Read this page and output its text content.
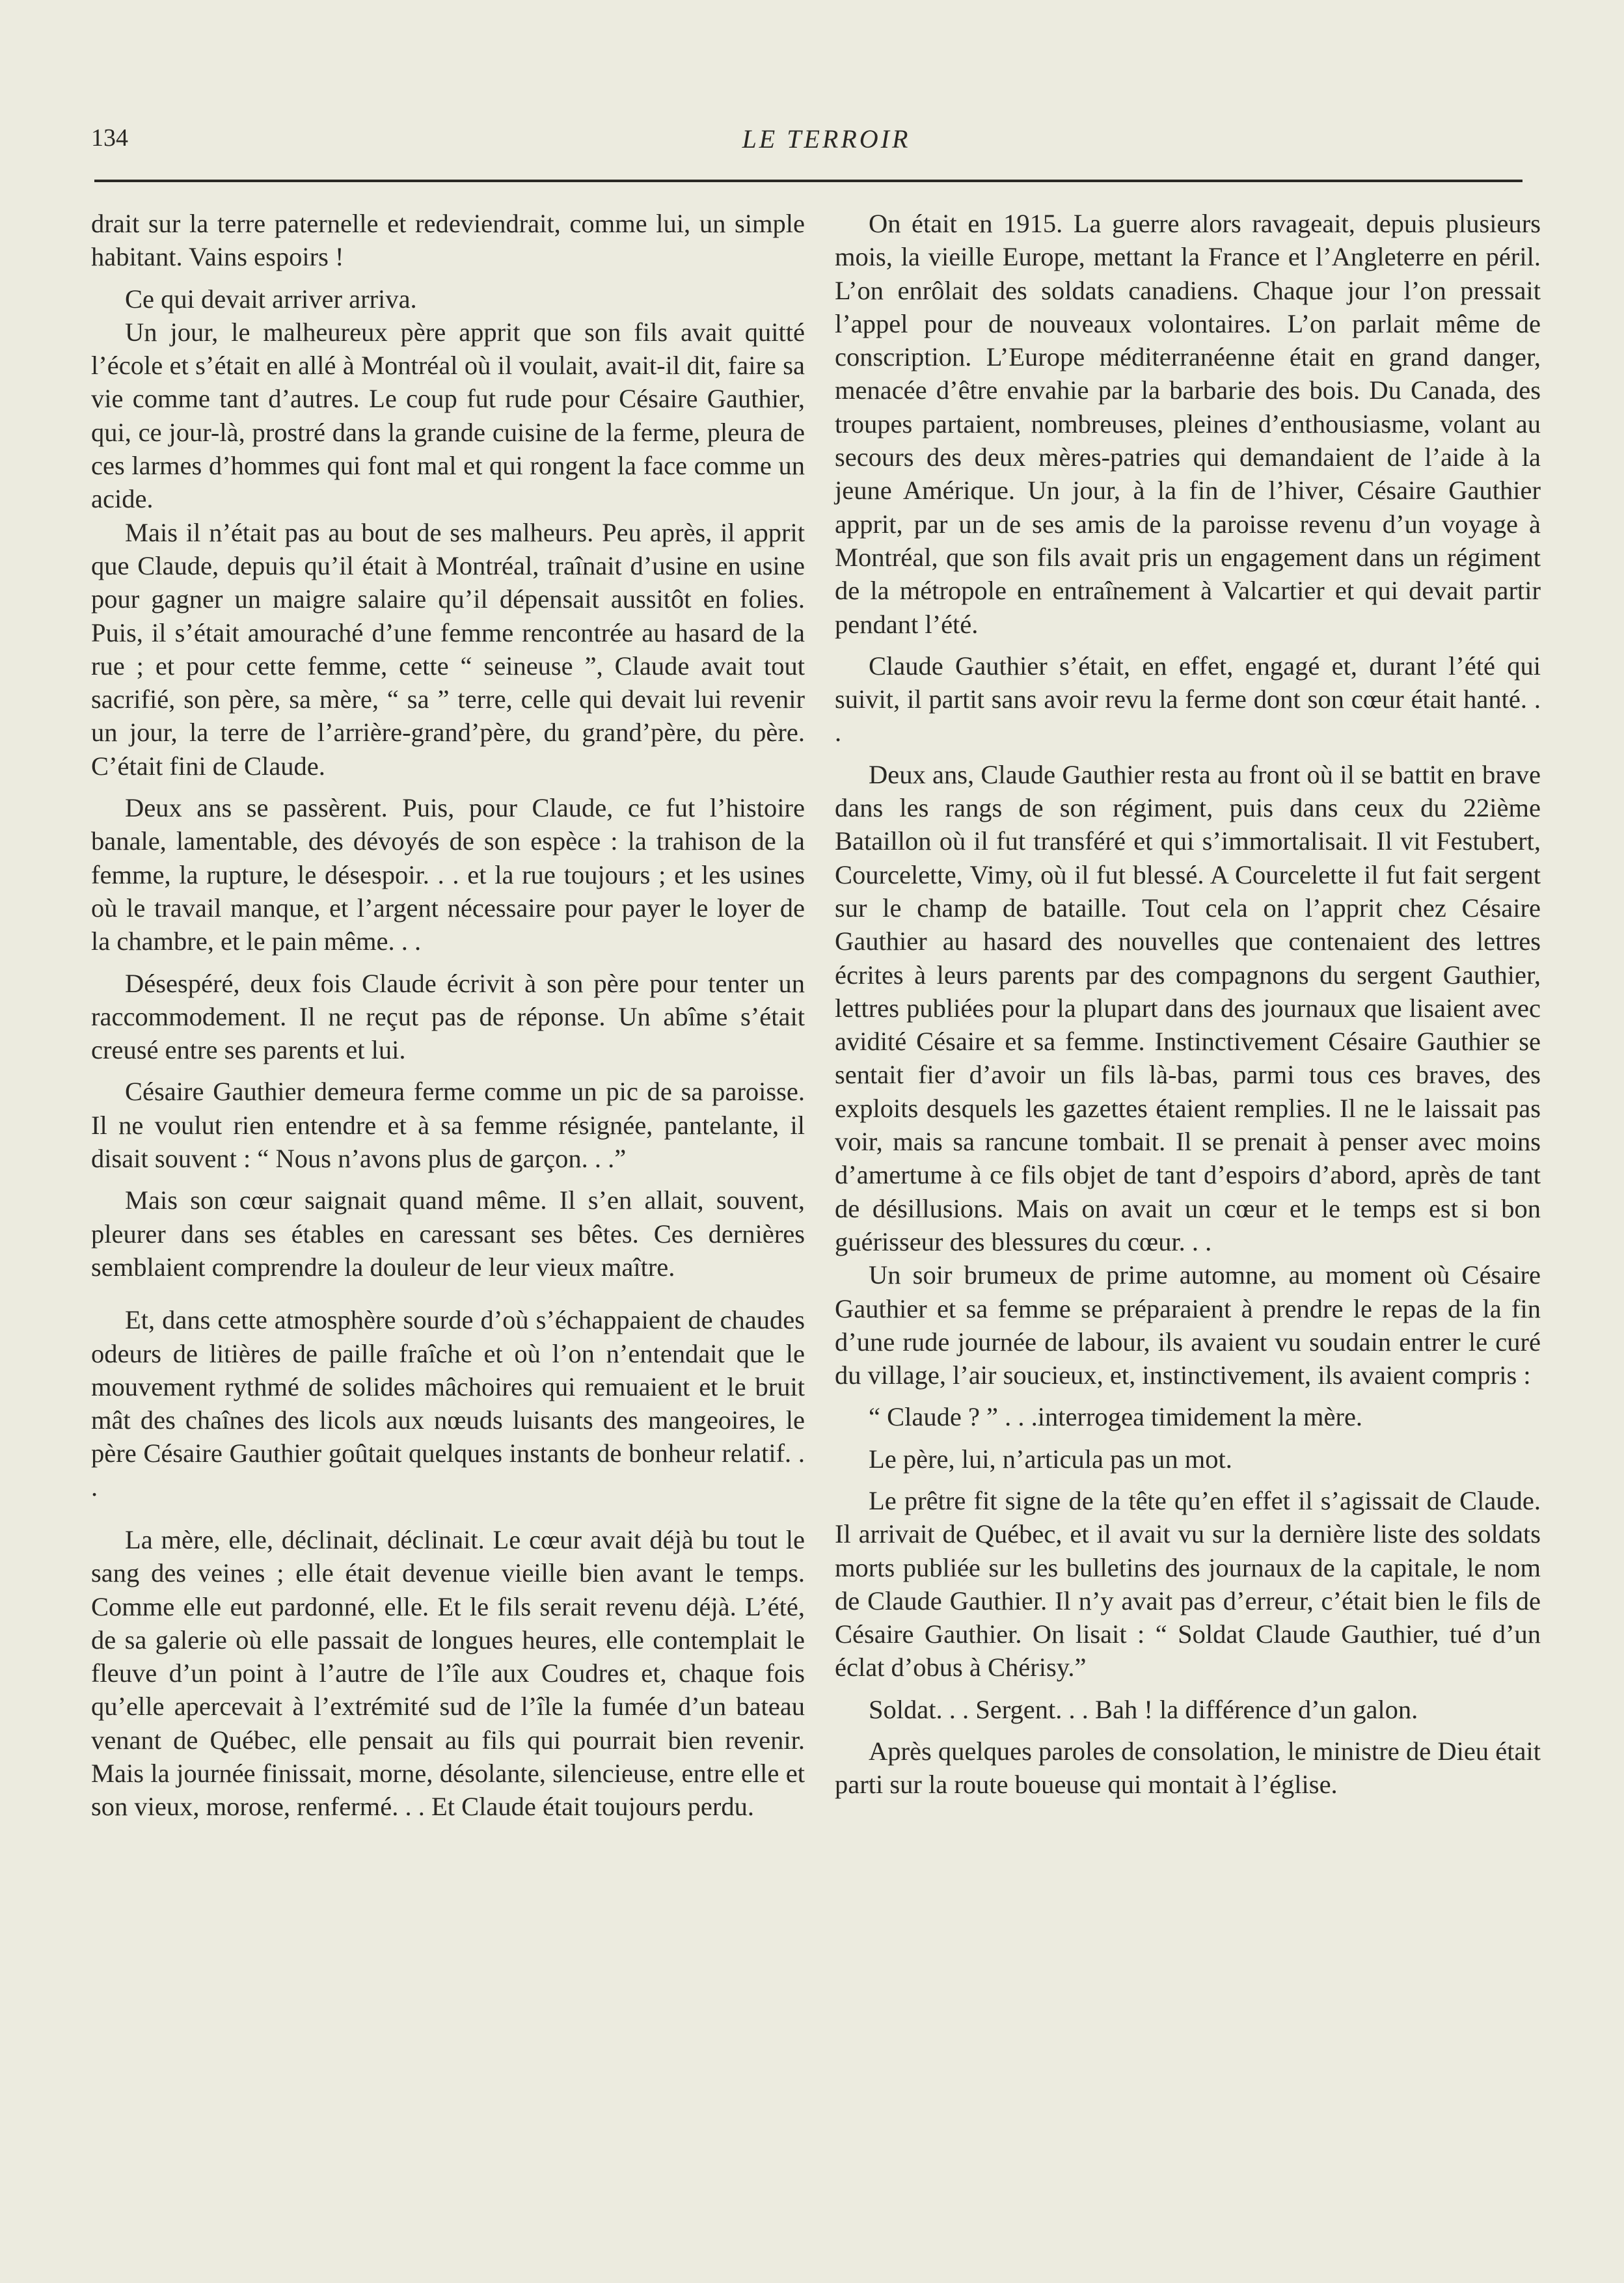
134	LE TERROIR

drait sur la terre paternelle et redeviendrait, comme lui, un simple habitant. Vains espoirs !

Ce qui devait arriver arriva.

Un jour, le malheureux père apprit que son fils avait quitté l’école et s’était en allé à Montréal où il voulait, avait-il dit, faire sa vie comme tant d’autres. Le coup fut rude pour Césaire Gauthier, qui, ce jour-là, prostré dans la grande cuisine de la ferme, pleura de ces larmes d’hommes qui font mal et qui rongent la face comme un acide.

Mais il n’était pas au bout de ses malheurs. Peu après, il apprit que Claude, depuis qu’il était à Montréal, traînait d’usine en usine pour gagner un maigre salaire qu’il dépensait aussitôt en folies. Puis, il s’était amouraché d’une femme rencontrée au hasard de la rue ; et pour cette femme, cette “ seineuse ”, Claude avait tout sacrifié, son père, sa mère, “ sa ” terre, celle qui devait lui revenir un jour, la terre de l’arrière-grand’père, du grand’père, du père. C’était fini de Claude.

Deux ans se passèrent. Puis, pour Claude, ce fut l’histoire banale, lamentable, des dévoyés de son espèce : la trahison de la femme, la rupture, le désespoir. . . et la rue toujours ; et les usines où le travail manque, et l’argent nécessaire pour payer le loyer de la chambre, et le pain même. . .

Désespéré, deux fois Claude écrivit à son père pour tenter un raccommodement. Il ne reçut pas de réponse. Un abîme s’était creusé entre ses parents et lui.

Césaire Gauthier demeura ferme comme un pic de sa paroisse. Il ne voulut rien entendre et à sa femme résignée, pantelante, il disait souvent : “ Nous n’avons plus de garçon. . .”

Mais son cœur saignait quand même. Il s’en allait, souvent, pleurer dans ses étables en caressant ses bêtes. Ces dernières semblaient comprendre la douleur de leur vieux maître.

Et, dans cette atmosphère sourde d’où s’échappaient de chaudes odeurs de litières de paille fraîche et où l’on n’entendait que le mouvement rythmé de solides mâchoires qui remuaient et le bruit mât des chaînes des licols aux nœuds luisants des mangeoires, le père Césaire Gauthier goûtait quelques instants de bonheur relatif. . .

La mère, elle, déclinait, déclinait. Le cœur avait déjà bu tout le sang des veines ; elle était devenue vieille bien avant le temps. Comme elle eut pardonné, elle. Et le fils serait revenu déjà. L’été, de sa galerie où elle passait de longues heures, elle contemplait le fleuve d’un point à l’autre de l’île aux Coudres et, chaque fois qu’elle apercevait à l’extrémité sud de l’île la fumée d’un bateau venant de Québec, elle pensait au fils qui pourrait bien revenir. Mais la journée finissait, morne, désolante, silencieuse, entre elle et son vieux, morose, renfermé. . . Et Claude était toujours perdu.

On était en 1915. La guerre alors ravageait, depuis plusieurs mois, la vieille Europe, mettant la France et l’Angleterre en péril. L’on enrôlait des soldats canadiens. Chaque jour l’on pressait l’appel pour de nouveaux volontaires. L’on parlait même de conscription. L’Europe méditerranéenne était en grand danger, menacée d’être envahie par la barbarie des bois. Du Canada, des troupes partaient, nombreuses, pleines d’enthousiasme, volant au secours des deux mères-patries qui demandaient de l’aide à la jeune Amérique. Un jour, à la fin de l’hiver, Césaire Gauthier apprit, par un de ses amis de la paroisse revenu d’un voyage à Montréal, que son fils avait pris un engagement dans un régiment de la métropole en entraînement à Valcartier et qui devait partir pendant l’été.

Claude Gauthier s’était, en effet, engagé et, durant l’été qui suivit, il partit sans avoir revu la ferme dont son cœur était hanté. . .

Deux ans, Claude Gauthier resta au front où il se battit en brave dans les rangs de son régiment, puis dans ceux du 22ième Bataillon où il fut transféré et qui s’immortalisait. Il vit Festubert, Courcelette, Vimy, où il fut blessé. A Courcelette il fut fait sergent sur le champ de bataille. Tout cela on l’apprit chez Césaire Gauthier au hasard des nouvelles que contenaient des lettres écrites à leurs parents par des compagnons du sergent Gauthier, lettres publiées pour la plupart dans des journaux que lisaient avec avidité Césaire et sa femme. Instinctivement Césaire Gauthier se sentait fier d’avoir un fils là-bas, parmi tous ces braves, des exploits desquels les gazettes étaient remplies. Il ne le laissait pas voir, mais sa rancune tombait. Il se prenait à penser avec moins d’amertume à ce fils objet de tant d’espoirs d’abord, après de tant de désillusions. Mais on avait un cœur et le temps est si bon guérisseur des blessures du cœur. . .

Un soir brumeux de prime automne, au moment où Césaire Gauthier et sa femme se préparaient à prendre le repas de la fin d’une rude journée de labour, ils avaient vu soudain entrer le curé du village, l’air soucieux, et, instinctivement, ils avaient compris :

“ Claude ? ” . . .interrogea timidement la mère.

Le père, lui, n’articula pas un mot.

Le prêtre fit signe de la tête qu’en effet il s’agissait de Claude. Il arrivait de Québec, et il avait vu sur la dernière liste des soldats morts publiée sur les bulletins des journaux de la capitale, le nom de Claude Gauthier. Il n’y avait pas d’erreur, c’était bien le fils de Césaire Gauthier. On lisait : “ Soldat Claude Gauthier, tué d’un éclat d’obus à Chérisy.”

Soldat. . . Sergent. . . Bah ! la différence d’un galon.

Après quelques paroles de consolation, le ministre de Dieu était parti sur la route boueuse qui montait à l’église.
